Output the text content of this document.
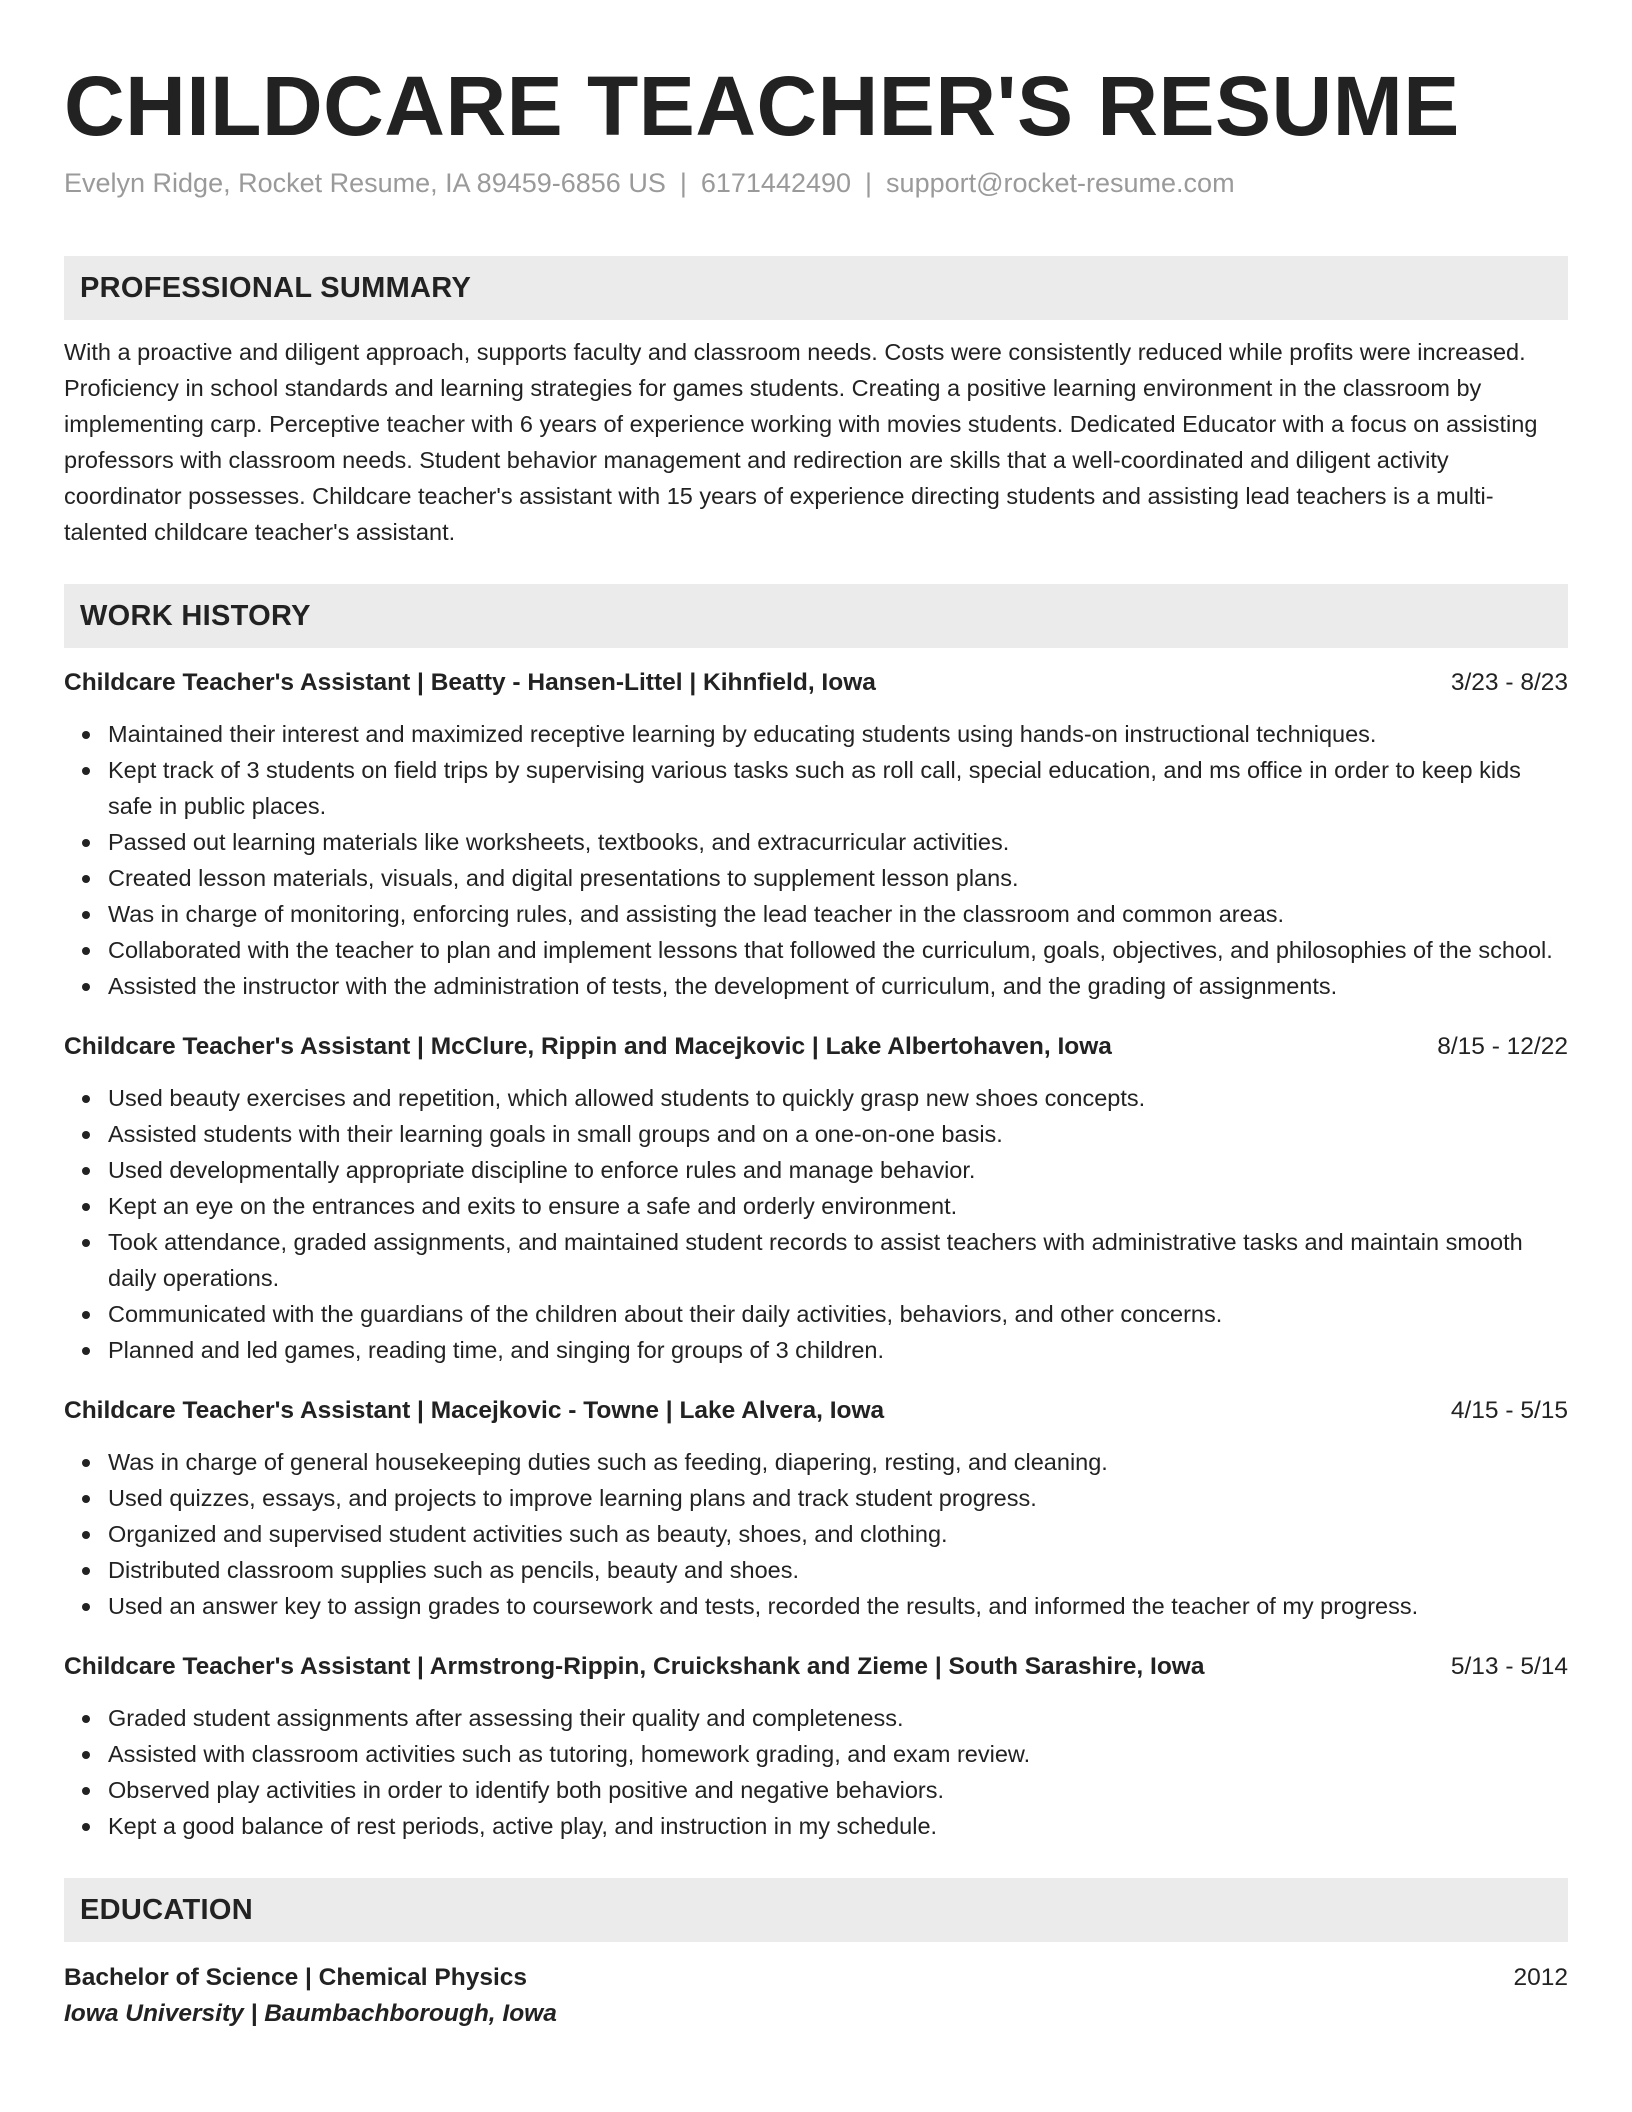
CHILDCARE TEACHER'S RESUME
Evelyn Ridge, Rocket Resume, IA 89459-6856 US | 6171442490 | support@rocket-resume.com
PROFESSIONAL SUMMARY

With a proactive and diligent approach, supports faculty and classroom needs. Costs were consistently reduced while profits were increased. Proficiency in school standards and learning strategies for games students. Creating a positive learning environment in the classroom by implementing carp. Perceptive teacher with 6 years of experience working with movies students. Dedicated Educator with a focus on assisting professors with classroom needs. Student behavior management and redirection are skills that a well-coordinated and diligent activity coordinator possesses. Childcare teacher's assistant with 15 years of experience directing students and assisting lead teachers is a multi-talented childcare teacher's assistant.

WORK HISTORY
Childcare Teacher's Assistant | Beatty - Hansen-Littel | Kihnfield, Iowa	3/23 - 8/23
Maintained their interest and maximized receptive learning by educating students using hands-on instructional techniques.
Kept track of 3 students on field trips by supervising various tasks such as roll call, special education, and ms office in order to keep kids safe in public places.
Passed out learning materials like worksheets, textbooks, and extracurricular activities.
Created lesson materials, visuals, and digital presentations to supplement lesson plans.
Was in charge of monitoring, enforcing rules, and assisting the lead teacher in the classroom and common areas.
Collaborated with the teacher to plan and implement lessons that followed the curriculum, goals, objectives, and philosophies of the school.
Assisted the instructor with the administration of tests, the development of curriculum, and the grading of assignments.
Childcare Teacher's Assistant | McClure, Rippin and Macejkovic | Lake Albertohaven, Iowa	8/15 - 12/22
Used beauty exercises and repetition, which allowed students to quickly grasp new shoes concepts.
Assisted students with their learning goals in small groups and on a one-on-one basis.
Used developmentally appropriate discipline to enforce rules and manage behavior.
Kept an eye on the entrances and exits to ensure a safe and orderly environment.
Took attendance, graded assignments, and maintained student records to assist teachers with administrative tasks and maintain smooth daily operations.
Communicated with the guardians of the children about their daily activities, behaviors, and other concerns.
Planned and led games, reading time, and singing for groups of 3 children.
Childcare Teacher's Assistant | Macejkovic - Towne | Lake Alvera, Iowa	4/15 - 5/15
Was in charge of general housekeeping duties such as feeding, diapering, resting, and cleaning.
Used quizzes, essays, and projects to improve learning plans and track student progress.
Organized and supervised student activities such as beauty, shoes, and clothing.
Distributed classroom supplies such as pencils, beauty and shoes.
Used an answer key to assign grades to coursework and tests, recorded the results, and informed the teacher of my progress.
Childcare Teacher's Assistant | Armstrong-Rippin, Cruickshank and Zieme | South Sarashire, Iowa	5/13 - 5/14
Graded student assignments after assessing their quality and completeness.
Assisted with classroom activities such as tutoring, homework grading, and exam review.
Observed play activities in order to identify both positive and negative behaviors.
Kept a good balance of rest periods, active play, and instruction in my schedule.
EDUCATION
Bachelor of Science | Chemical Physics	2012
Iowa University | Baumbachborough, Iowa
